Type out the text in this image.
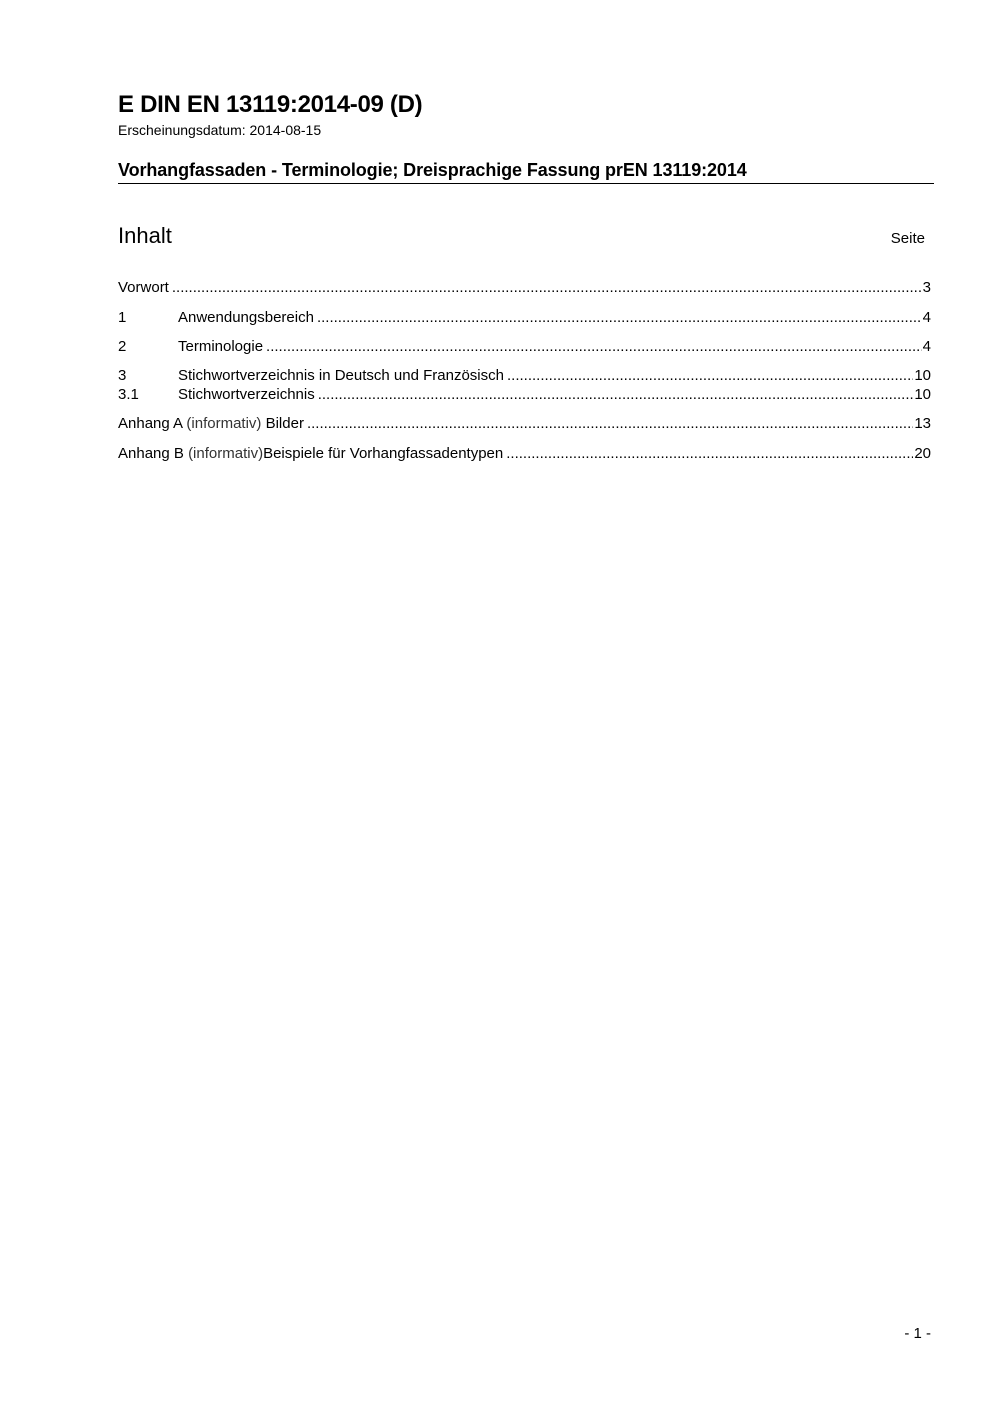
E DIN EN 13119:2014-09 (D)
Erscheinungsdatum: 2014-08-15
Vorhangfassaden - Terminologie; Dreisprachige Fassung prEN 13119:2014
Inhalt	Seite
Vorwort .....	3
1	Anwendungsbereich .....	4
2	Terminologie .....	4
3	Stichwortverzeichnis in Deutsch und Französisch .....	10
3.1	Stichwortverzeichnis .....	10
Anhang A (informativ) Bilder .....	13
Anhang B (informativ)Beispiele für Vorhangfassadentypen .....	20
- 1 -
